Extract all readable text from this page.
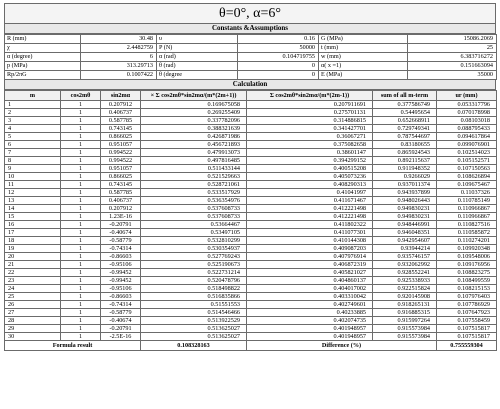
θ=0°, α=6°
Constants &Assumptions
R (mm)	30.48	υ	0.16	G (MPa)	15086.2069
χ	2.4482759	P (N)	50000	t (mm)	25
α (degree)	6	α (rad)	0.104719755	w (mm)	6.383716272
p (MPa)	313.29713	θ (rad)	0	α( x =1)	0.151663094
Rp/2πG	0.1007422	θ (degree	0	E (MPa)	35000
Calculation
m	cos2mθ	sin2mα	× Σ cos2mθ*sin2mα/(m*(2m+1))	Σ cos2mθ*sin2mα/(m*(2m-1))	sum of all m-term	ur (mm)
1	1	0.207912	0.169675058	0.207911691	0.377586749	0.053317796
2	1	0.406737	0.269255409	0.275701131	0.54495654	0.070178998
3	1	0.587785	0.337782096	0.314886815	0.652668911	0.08103018
4	1	0.743145	0.388321639	0.341427701	0.729749341	0.088795433
5	1	0.866025	0.426871986	0.36067271	0.787544697	0.094617864
6	1	0.951057	0.456721893	0.375082658	0.83180655	0.099076901
7	1	0.994522	0.479913073	0.38601147	0.865924543	0.102514023
8	1	0.994522	0.497816485	0.394299152	0.892115637	0.105152571
9	1	0.951057	0.511433144	0.400515208	0.911948352	0.107150563
10	1	0.866025	0.521529663	0.405073236	0.9266029	0.108626894
11	1	0.743145	0.528721061	0.408290313	0.937011374	0.109675467
12	1	0.587785	0.533517929	0.41041997	0.943937899	0.11037326
13	1	0.406737	0.536354976	0.411671467	0.948026443	0.110785149
14	1	0.207912	0.537608733	0.412221498	0.949830231	0.110966867
15	1	1.23E-16	0.537608733	0.412221498	0.949830231	0.110966867
16	1	-0.20791	0.53664467	0.411802322	0.948446991	0.110827516
17	1	-0.40674	0.53497105	0.411077301	0.946048351	0.110585872
18	1	-0.58779	0.532810299	0.410144308	0.942954607	0.110274201
19	1	-0.74314	0.530354937	0.409087203	0.93944214	0.109920348
20	1	-0.86603	0.527769243	0.407976914	0.935746157	0.109548006
21	1	-0.95106	0.525190673	0.406872319	0.932062992	0.109176956
22	1	-0.99452	0.522731214	0.405821027	0.928552241	0.108823275
23	1	-0.99452	0.520478796	0.404860137	0.925338933	0.108499559
24	1	-0.95106	0.518498822	0.404017002	0.922515824	0.108215153
25	1	-0.86603	0.516835866	0.403310042	0.920145908	0.107976403
26	1	-0.74314	0.51551553	0.402749601	0.918265131	0.107786929
27	1	-0.58779	0.514546466	0.40233885	0.916885315	0.107647923
28	1	-0.40674	0.513922529	0.402074735	0.915997264	0.107558459
29	1	-0.20791	0.513625027	0.401948957	0.915573984	0.107515817
30	1	-2.5E-16	0.513625027	0.401948957	0.915573984	0.107515817
Formula result			0.108328163	Difference (%)		0.755559304
